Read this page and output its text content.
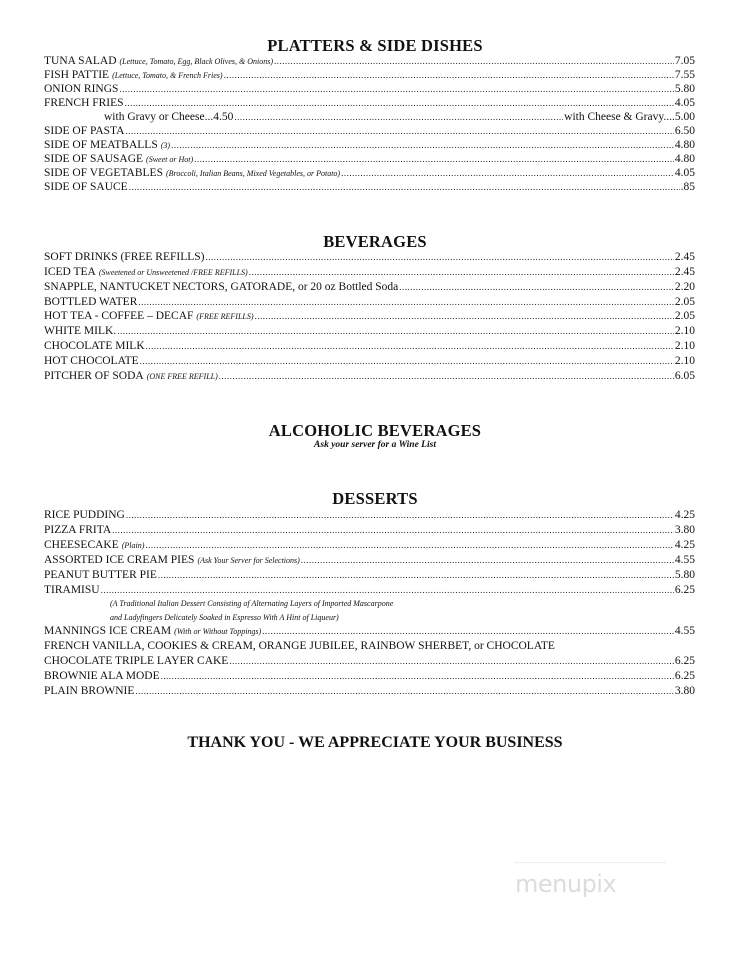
PLATTERS & SIDE DISHES
TUNA SALAD (Lettuce, Tomato, Egg, Black Olives, & Onions) .....	7.05
FISH PATTIE (Lettuce, Tomato, & French Fries) .....	7.55
ONION RINGS .....	5.80
FRENCH FRIES .....	4.05
with Gravy or Cheese...4.50 .....	with Cheese & Gravy....5.00
SIDE OF PASTA .....	6.50
SIDE OF MEATBALLS (3) .....	4.80
SIDE OF SAUSAGE (Sweet or Hot) .....	4.80
SIDE OF VEGETABLES (Broccoli, Italian Beans, Mixed Vegetables, or Potato) .....	4.05
SIDE OF SAUCE .....	.85
BEVERAGES
SOFT DRINKS (FREE REFILLS) .....	2.45
ICED TEA (Sweetened or Unsweetened /FREE REFILLS) .....	2.45
SNAPPLE, NANTUCKET NECTORS, GATORADE, or 20 oz Bottled Soda .....	2.20
BOTTLED WATER .....	2.05
HOT TEA - COFFEE – DECAF (FREE REFILLS) .....	2.05
WHITE MILK. .....	2.10
CHOCOLATE MILK .....	2.10
HOT CHOCOLATE .....	2.10
PITCHER OF SODA (ONE FREE REFILL) .....	6.05
ALCOHOLIC BEVERAGES
Ask your server for a Wine List
DESSERTS
RICE PUDDING .....	4.25
PIZZA FRITA .....	3.80
CHEESECAKE (Plain) .....	4.25
ASSORTED ICE CREAM PIES (Ask Your Server for Selections) .....	4.55
PEANUT BUTTER PIE .....	5.80
TIRAMISU .....	6.25
(A Traditional Italian Dessert Consisting of Alternating Layers of Imported Mascarpone
and Ladyfingers Delicately Soaked in Espresso With A Hint of Liqueur)
MANNINGS ICE CREAM (With or Without Toppings) .....	4.55
FRENCH VANILLA, COOKIES & CREAM, ORANGE JUBILEE, RAINBOW SHERBET, or CHOCOLATE
CHOCOLATE TRIPLE LAYER CAKE .....	6.25
BROWNIE ALA MODE .....	6.25
PLAIN BROWNIE .....	3.80
THANK YOU - WE APPRECIATE YOUR BUSINESS
menupix
